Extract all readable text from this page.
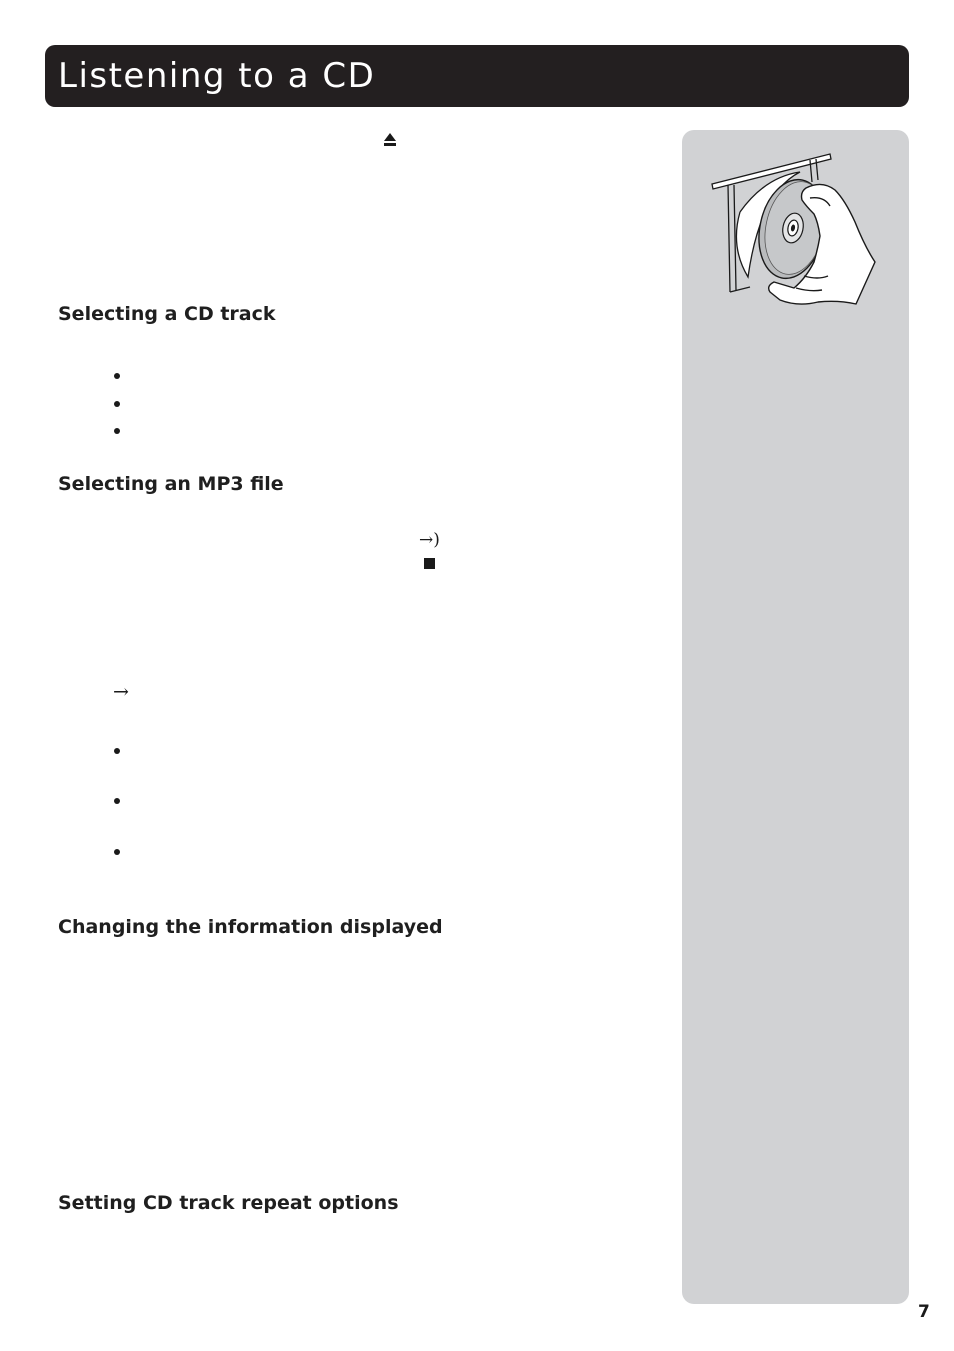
Listening to a CD
Selecting a CD track
Selecting an MP3 file
→)
→
Changing the information displayed
Setting CD track repeat options
7
